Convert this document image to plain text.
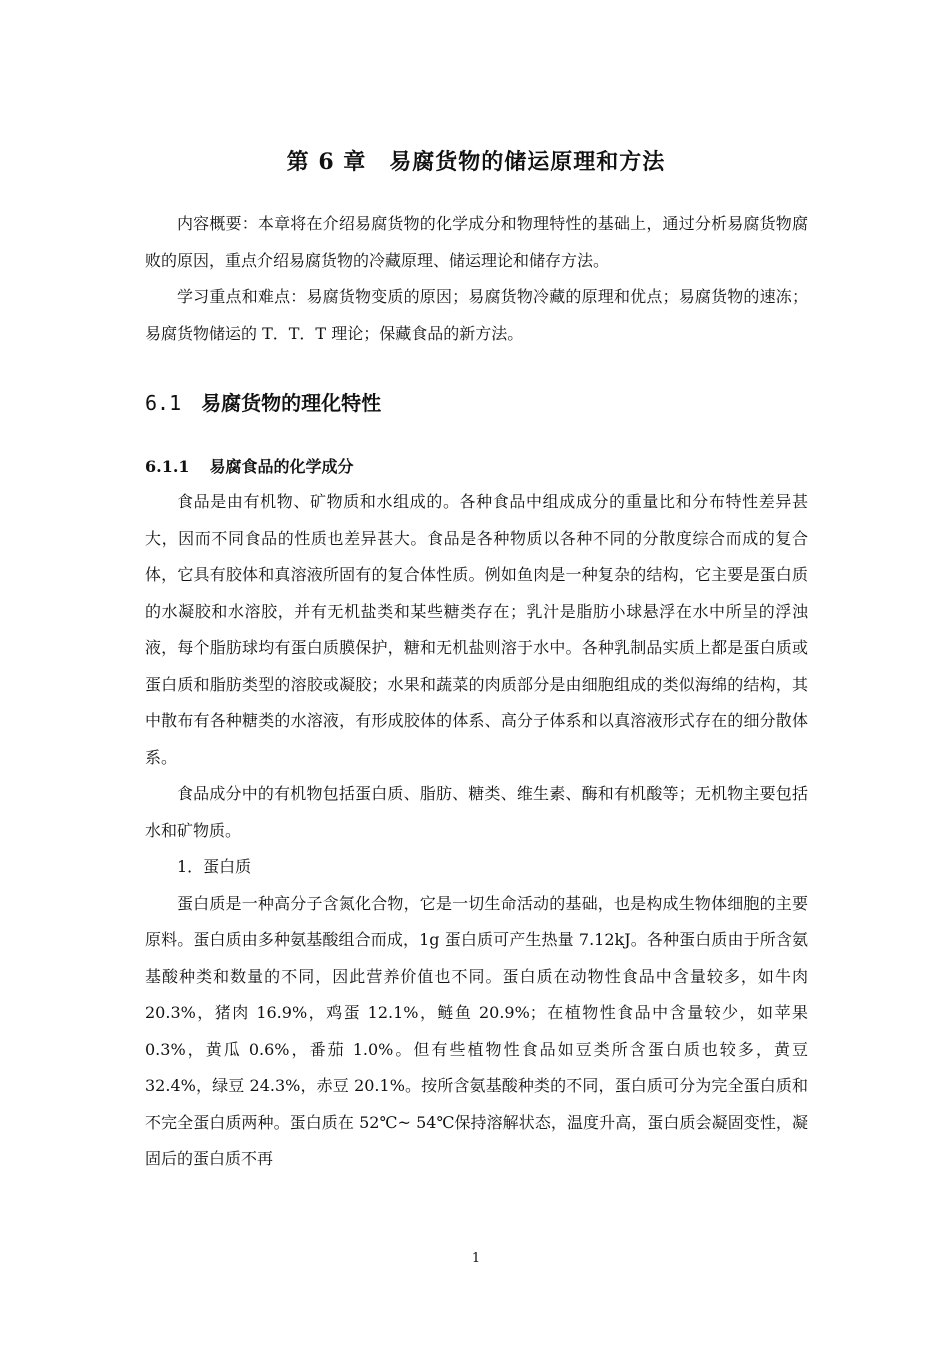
第 6 章　易腐货物的储运原理和方法

内容概要：本章将在介绍易腐货物的化学成分和物理特性的基础上，通过分析易腐货物腐败的原因，重点介绍易腐货物的冷藏原理、储运理论和储存方法。

学习重点和难点：易腐货物变质的原因；易腐货物冷藏的原理和优点；易腐货物的速冻；易腐货物储运的 T．T．T 理论；保藏食品的新方法。

6.1 易腐货物的理化特性
6.1.1 易腐食品的化学成分

食品是由有机物、矿物质和水组成的。各种食品中组成成分的重量比和分布特性差异甚大，因而不同食品的性质也差异甚大。食品是各种物质以各种不同的分散度综合而成的复合体，它具有胶体和真溶液所固有的复合体性质。例如鱼肉是一种复杂的结构，它主要是蛋白质的水凝胶和水溶胶，并有无机盐类和某些糖类存在；乳汁是脂肪小球悬浮在水中所呈的浮浊液，每个脂肪球均有蛋白质膜保护，糖和无机盐则溶于水中。各种乳制品实质上都是蛋白质或蛋白质和脂肪类型的溶胶或凝胶；水果和蔬菜的肉质部分是由细胞组成的类似海绵的结构，其中散布有各种糖类的水溶液，有形成胶体的体系、高分子体系和以真溶液形式存在的细分散体系。

食品成分中的有机物包括蛋白质、脂肪、糖类、维生素、酶和有机酸等；无机物主要包括水和矿物质。

1．蛋白质

蛋白质是一种高分子含氮化合物，它是一切生命活动的基础，也是构成生物体细胞的主要原料。蛋白质由多种氨基酸组合而成，1g 蛋白质可产生热量 7.12kJ。各种蛋白质由于所含氨基酸种类和数量的不同，因此营养价值也不同。蛋白质在动物性食品中含量较多，如牛肉 20.3%，猪肉 16.9%，鸡蛋 12.1%，鲢鱼 20.9%；在植物性食品中含量较少，如苹果 0.3%，黄瓜 0.6%，番茄 1.0%。但有些植物性食品如豆类所含蛋白质也较多，黄豆 32.4%，绿豆 24.3%，赤豆 20.1%。按所含氨基酸种类的不同，蛋白质可分为完全蛋白质和不完全蛋白质两种。蛋白质在 52℃~ 54℃保持溶解状态，温度升高，蛋白质会凝固变性，凝固后的蛋白质不再

1
